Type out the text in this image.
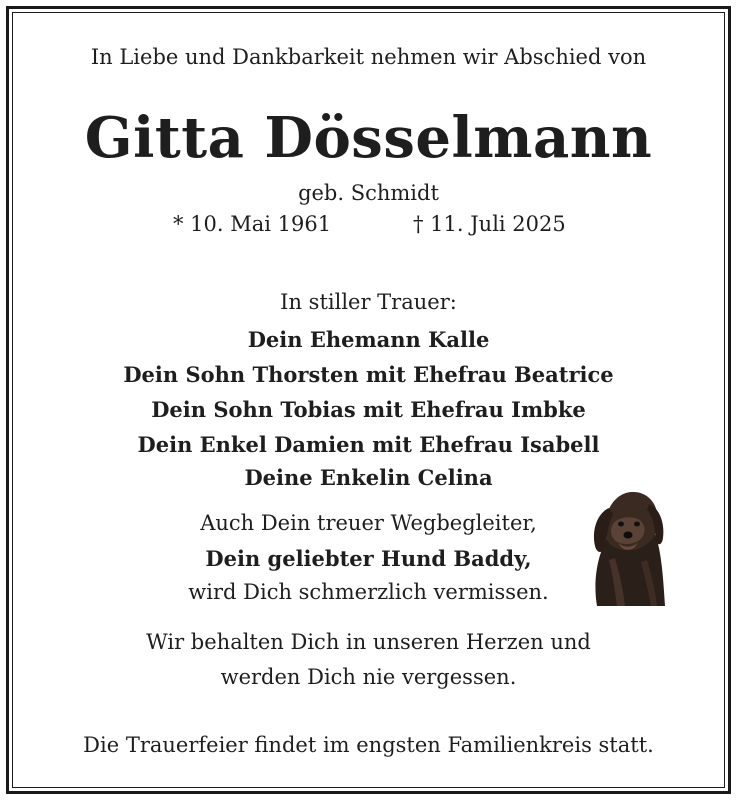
In Liebe und Dankbarkeit nehmen wir Abschied von
Gitta Dösselmann
geb. Schmidt
* 10. Mai 1961	† 11. Juli 2025
In stiller Trauer:
Dein Ehemann Kalle
Dein Sohn Thorsten mit Ehefrau Beatrice
Dein Sohn Tobias mit Ehefrau Imbke
Dein Enkel Damien mit Ehefrau Isabell
Deine Enkelin Celina
Auch Dein treuer Wegbegleiter,
Dein geliebter Hund Baddy,
wird Dich schmerzlich vermissen.
Wir behalten Dich in unseren Herzen und
werden Dich nie vergessen.
Die Trauerfeier findet im engsten Familienkreis statt.
